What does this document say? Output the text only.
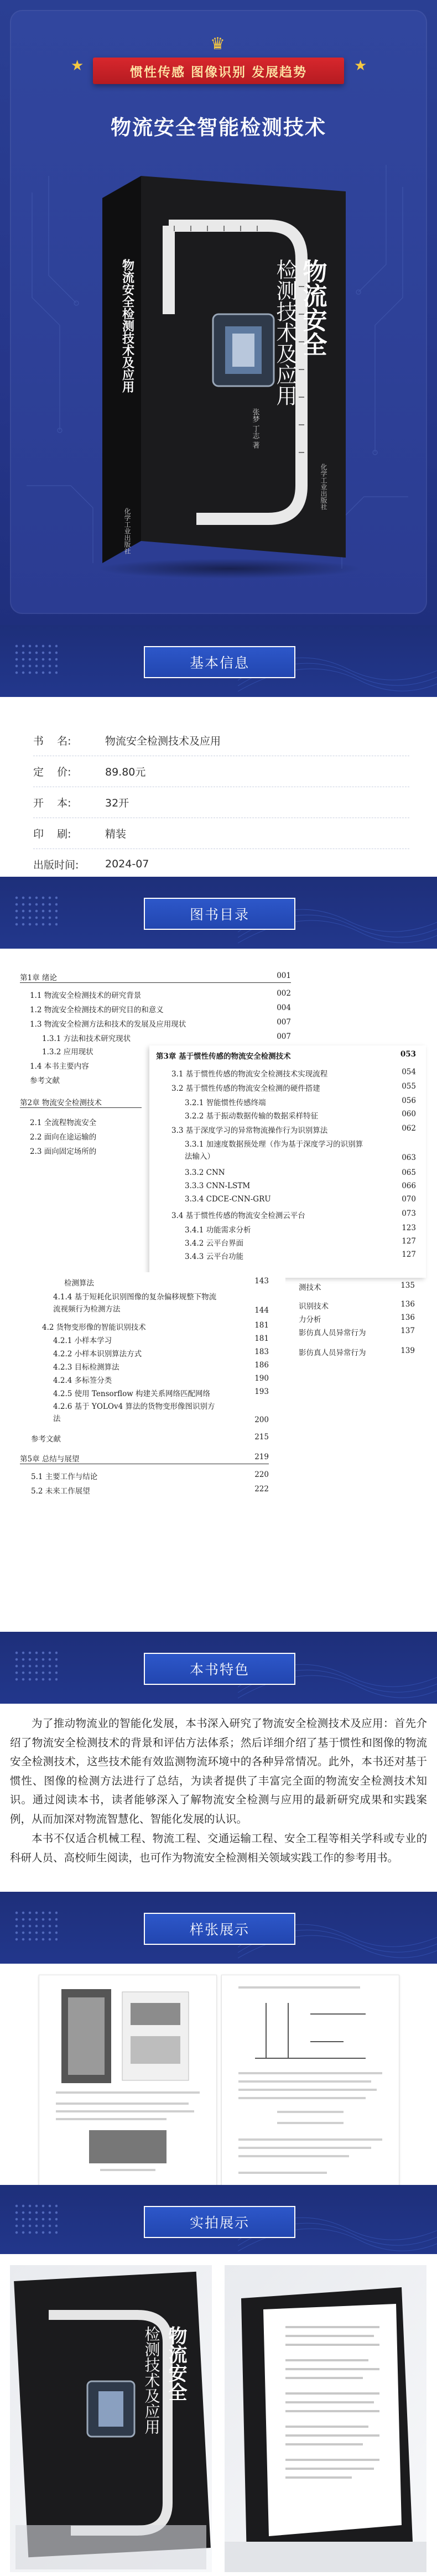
♛
★	★
惯性传感 图像识别 发展趋势
物流安全智能检测技术
物流安全
检测技术及应用
张梦 丁志 著
化学工业出版社
物流安全检测技术及应用
化学工业出版社
基本信息
书    名:	物流安全检测技术及应用
定    价:	89.80元
开    本:	32开
印    刷:	精装
出版时间:	2024-07
图书目录
第1章 绪论	001
1.1 物流安全检测技术的研究背景	002
1.2 物流安全检测技术的研究目的和意义	004
1.3 物流安全检测方法和技术的发展及应用现状	007
1.3.1 方法和技术研究现状	007
1.3.2 应用现状
1.4 本书主要内容
参考文献
第2章 物流安全检测技术
2.1 全流程物流安全
2.2 面向在途运输的
2.3 面向固定场所的
第3章 基于惯性传感的物流安全检测技术	053
3.1 基于惯性传感的物流安全检测技术实现流程	054
3.2 基于惯性传感的物流安全检测的硬件搭建	055
3.2.1 智能惯性传感终端	056
3.2.2 基于振动数据传输的数据采样特征	060
3.3 基于深度学习的异常物流操作行为识别算法	062
3.3.1 加速度数据预处理（作为基于深度学习的识别算法输入）	063
3.3.2 CNN	065
3.3.3 CNN-LSTM	066
3.3.4 CDCE-CNN-GRU	070
3.4 基于惯性传感的物流安全检测云平台	073
3.4.1 功能需求分析	123
3.4.2 云平台界面	127
3.4.3 云平台功能	127
测技术	135
识别技术	136
力分析	136
影仿真人员异常行为	137
影仿真人员异常行为	139
检测算法	143
4.1.4 基于短耗化识别图像的复杂偏移规整下物流流视频行为检测方法	144
4.2 货物变形像的智能识别技术	181
4.2.1 小样本学习	181
4.2.2 小样本识别算法方式	183
4.2.3 目标检测算法	186
4.2.4 多标签分类	190
4.2.5 使用 Tensorflow 构建关系网络匹配网络	193
4.2.6 基于 YOLOv4 算法的货物变形像图识别方法	200
参考文献	215
第5章 总结与展望	219
5.1 主要工作与结论	220
5.2 未来工作展望	222
本书特色

为了推动物流业的智能化发展，本书深入研究了物流安全检测技术及应用：首先介绍了物流安全检测技术的背景和评估方法体系；然后详细介绍了基于惯性和图像的物流安全检测技术，这些技术能有效监测物流环境中的各种异常情况。此外，本书还对基于惯性、图像的检测方法进行了总结，为读者提供了丰富完全面的物流安全检测技术知识。通过阅读本书，读者能够深入了解物流安全检测与应用的最新研究成果和实践案例，从而加深对物流智慧化、智能化发展的认识。

本书不仅适合机械工程、物流工程、交通运输工程、安全工程等相关学科或专业的科研人员、高校师生阅读，也可作为物流安全检测相关领域实践工作的参考用书。

样张展示
实拍展示
物流安全
检测技术及应用
